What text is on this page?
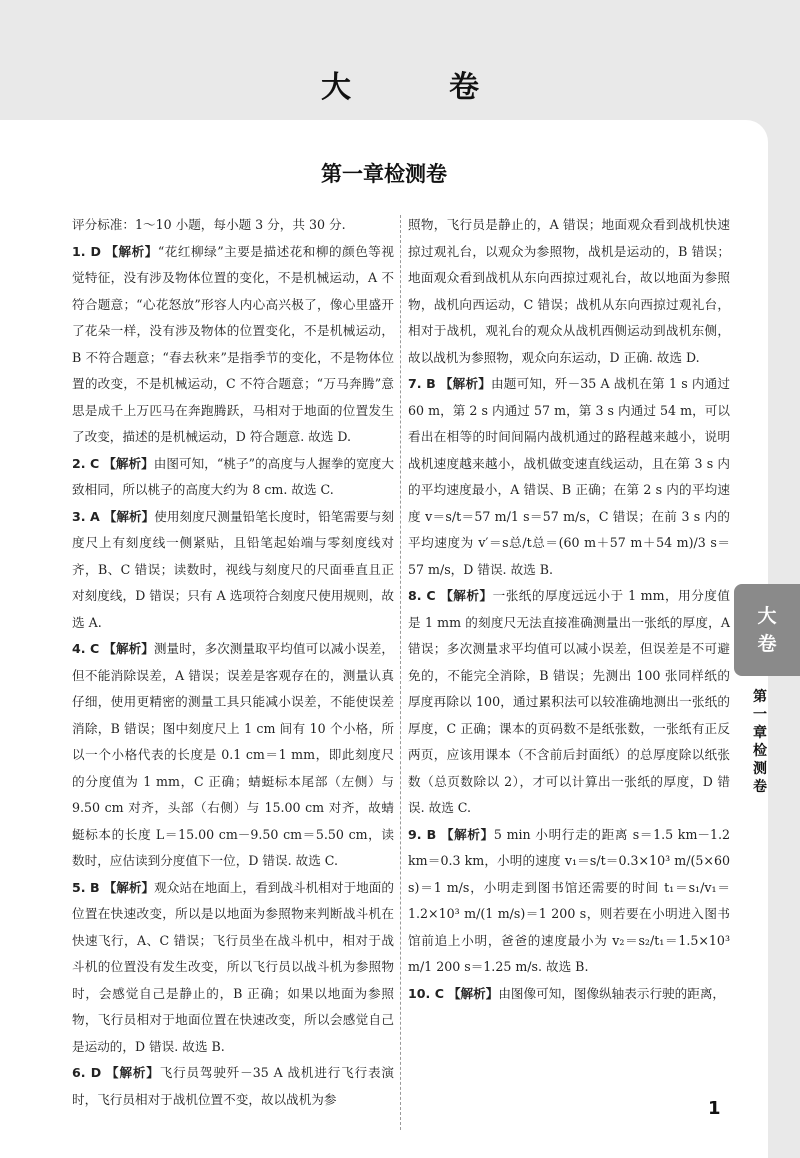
大　卷
第一章检测卷

评分标准：1～10 小题，每小题 3 分，共 30 分.

1. D 【解析】“花红柳绿”主要是描述花和柳的颜色等视觉特征，没有涉及物体位置的变化，不是机械运动，A 不符合题意；“心花怒放”形容人内心高兴极了，像心里盛开了花朵一样，没有涉及物体的位置变化，不是机械运动，B 不符合题意；“春去秋来”是指季节的变化，不是物体位置的改变，不是机械运动，C 不符合题意；“万马奔腾”意思是成千上万匹马在奔跑腾跃，马相对于地面的位置发生了改变，描述的是机械运动，D 符合题意. 故选 D.

2. C 【解析】由图可知，“桃子”的高度与人握拳的宽度大致相同，所以桃子的高度大约为 8 cm. 故选 C.

3. A 【解析】使用刻度尺测量铅笔长度时，铅笔需要与刻度尺上有刻度线一侧紧贴，且铅笔起始端与零刻度线对齐，B、C 错误；读数时，视线与刻度尺的尺面垂直且正对刻度线，D 错误；只有 A 选项符合刻度尺使用规则，故选 A.

4. C 【解析】测量时，多次测量取平均值可以减小误差，但不能消除误差，A 错误；误差是客观存在的，测量认真仔细，使用更精密的测量工具只能减小误差，不能使误差消除，B 错误；图中刻度尺上 1 cm 间有 10 个小格，所以一个小格代表的长度是 0.1 cm＝1 mm，即此刻度尺的分度值为 1 mm，C 正确；蜻蜓标本尾部（左侧）与 9.50 cm 对齐，头部（右侧）与 15.00 cm 对齐，故蜻蜓标本的长度 L＝15.00 cm－9.50 cm＝5.50 cm，读数时，应估读到分度值下一位，D 错误. 故选 C.

5. B 【解析】观众站在地面上，看到战斗机相对于地面的位置在快速改变，所以是以地面为参照物来判断战斗机在快速飞行，A、C 错误；飞行员坐在战斗机中，相对于战斗机的位置没有发生改变，所以飞行员以战斗机为参照物时，会感觉自己是静止的，B 正确；如果以地面为参照物，飞行员相对于地面位置在快速改变，所以会感觉自己是运动的，D 错误. 故选 B.

6. D 【解析】飞行员驾驶歼－35 A 战机进行飞行表演时，飞行员相对于战机位置不变，故以战机为参

照物，飞行员是静止的，A 错误；地面观众看到战机快速掠过观礼台，以观众为参照物，战机是运动的，B 错误；地面观众看到战机从东向西掠过观礼台，故以地面为参照物，战机向西运动，C 错误；战机从东向西掠过观礼台，相对于战机，观礼台的观众从战机西侧运动到战机东侧，故以战机为参照物，观众向东运动，D 正确. 故选 D.

7. B 【解析】由题可知，歼－35 A 战机在第 1 s 内通过 60 m，第 2 s 内通过 57 m，第 3 s 内通过 54 m，可以看出在相等的时间间隔内战机通过的路程越来越小，说明战机速度越来越小，战机做变速直线运动，且在第 3 s 内的平均速度最小，A 错误、B 正确；在第 2 s 内的平均速度 v＝s/t＝57 m/1 s＝57 m/s，C 错误；在前 3 s 内的平均速度为 v′＝s总/t总＝(60 m＋57 m＋54 m)/3 s＝57 m/s，D 错误. 故选 B.

8. C 【解析】一张纸的厚度远远小于 1 mm，用分度值是 1 mm 的刻度尺无法直接准确测量出一张纸的厚度，A 错误；多次测量求平均值可以减小误差，但误差是不可避免的，不能完全消除，B 错误；先测出 100 张同样纸的厚度再除以 100，通过累积法可以较准确地测出一张纸的厚度，C 正确；课本的页码数不是纸张数，一张纸有正反两页，应该用课本（不含前后封面纸）的总厚度除以纸张数（总页数除以 2），才可以计算出一张纸的厚度，D 错误. 故选 C.

9. B 【解析】5 min 小明行走的距离 s＝1.5 km－1.2 km＝0.3 km，小明的速度 v₁＝s/t＝0.3×10³ m/(5×60 s)＝1 m/s，小明走到图书馆还需要的时间 t₁＝s₁/v₁＝1.2×10³ m/(1 m/s)＝1 200 s，则若要在小明进入图书馆前追上小明，爸爸的速度最小为 v₂＝s₂/t₁＝1.5×10³ m/1 200 s＝1.25 m/s. 故选 B.

10. C 【解析】由图像可知，图像纵轴表示行驶的距离，

1
大
卷
第一章检测卷
